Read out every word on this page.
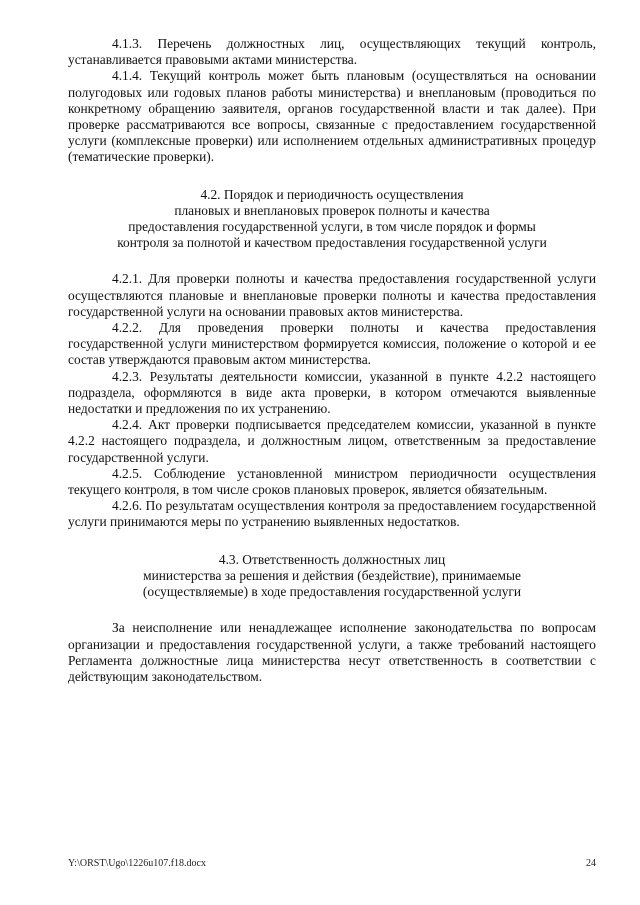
4.1.3. Перечень должностных лиц, осуществляющих текущий контроль, устанавливается правовыми актами министерства.

4.1.4. Текущий контроль может быть плановым (осуществляться на основании полугодовых или годовых планов работы министерства) и внеплановым (проводиться по конкретному обращению заявителя, органов государственной власти и так далее). При проверке рассматриваются все вопросы, связанные с предоставлением государственной услуги (комплексные проверки) или исполнением отдельных административных процедур (тематические проверки).

4.2. Порядок и периодичность осуществления

плановых и внеплановых проверок полноты и качества

предоставления государственной услуги, в том числе порядок и формы

контроля за полнотой и качеством предоставления государственной услуги

4.2.1. Для проверки полноты и качества предоставления государственной услуги осуществляются плановые и внеплановые проверки полноты и качества предоставления государственной услуги на основании правовых актов министерства.

4.2.2. Для проведения проверки полноты и качества предоставления государственной услуги министерством формируется комиссия, положение о которой и ее состав утверждаются правовым актом министерства.

4.2.3. Результаты деятельности комиссии, указанной в пункте 4.2.2 настоящего подраздела, оформляются в виде акта проверки, в котором отмечаются выявленные недостатки и предложения по их устранению.

4.2.4. Акт проверки подписывается председателем комиссии, указанной в пункте 4.2.2 настоящего подраздела, и должностным лицом, ответственным за предоставление государственной услуги.

4.2.5. Соблюдение установленной министром периодичности осуществления текущего контроля, в том числе сроков плановых проверок, является обязательным.

4.2.6. По результатам осуществления контроля за предоставлением государственной услуги принимаются меры по устранению выявленных недостатков.

4.3. Ответственность должностных лиц

министерства за решения и действия (бездействие), принимаемые

(осуществляемые) в ходе предоставления государственной услуги

За неисполнение или ненадлежащее исполнение законодательства по вопросам организации и предоставления государственной услуги, а также требований настоящего Регламента должностные лица министерства несут ответственность в соответствии с действующим законодательством.

Y:\ORST\Ugo\1226u107.f18.docx	24
